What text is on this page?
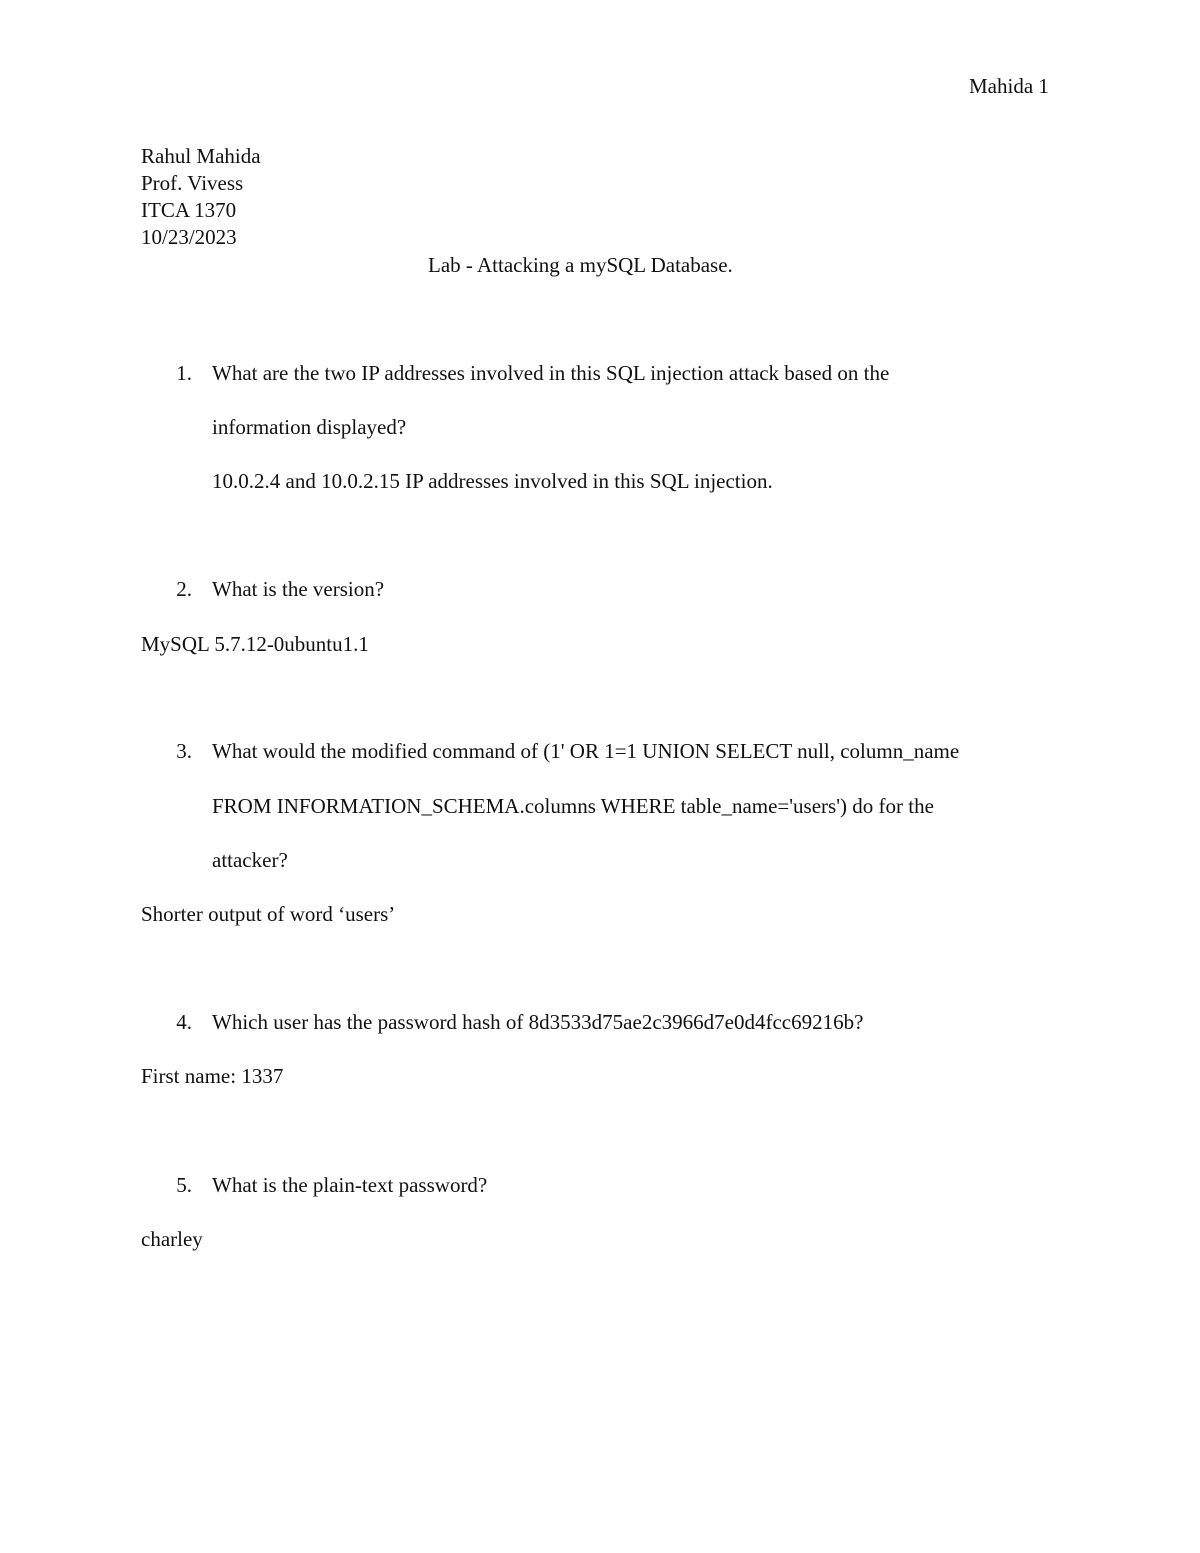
Mahida 1
Rahul Mahida
Prof. Vivess
ITCA 1370
10/23/2023
Lab - Attacking a mySQL Database.
1. What are the two IP addresses involved in this SQL injection attack based on the
information displayed?
10.0.2.4 and 10.0.2.15 IP addresses involved in this SQL injection.
2. What is the version?
MySQL 5.7.12-0ubuntu1.1
3. What would the modified command of (1' OR 1=1 UNION SELECT null, column_name
FROM INFORMATION_SCHEMA.columns WHERE table_name='users') do for the
attacker?
Shorter output of word ‘users’
4. Which user has the password hash of 8d3533d75ae2c3966d7e0d4fcc69216b?
First name: 1337
5. What is the plain-text password?
charley
